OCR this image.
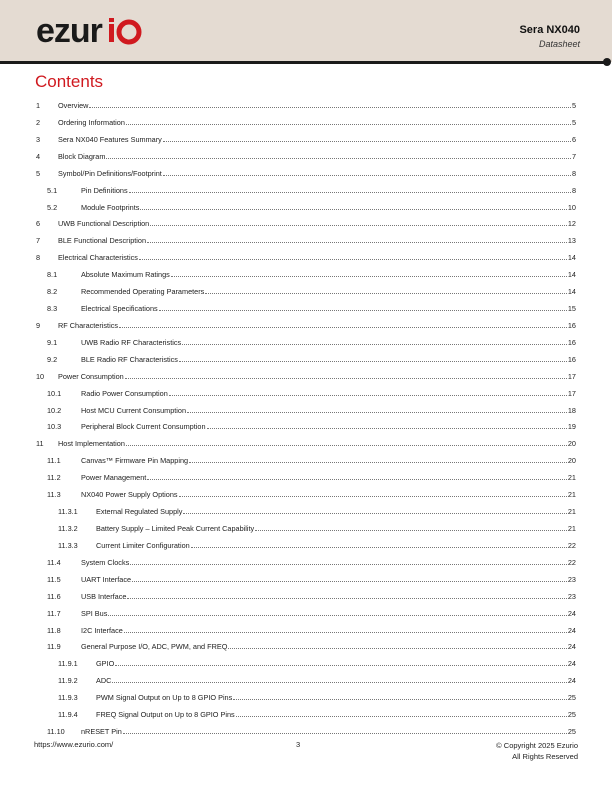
ezur	Sera NX040
Datasheet
Contents
1 Overview	5
2 Ordering Information	5
3 Sera NX040 Features Summary	6
4 Block Diagram	7
5 Symbol/Pin Definitions/Footprint	8
5.1	Pin Definitions	8
5.2	Module Footprints	10
6 UWB Functional Description	12
7 BLE Functional Description	13
8 Electrical Characteristics	14
8.1	Absolute Maximum Ratings	14
8.2	Recommended Operating Parameters	14
8.3	Electrical Specifications	15
9 RF Characteristics	16
9.1	UWB Radio RF Characteristics	16
9.2	BLE Radio RF Characteristics	16
10 Power Consumption	17
10.1	Radio Power Consumption	17
10.2	Host MCU Current Consumption	18
10.3	Peripheral Block Current Consumption	19
11 Host Implementation	20
11.1	Canvas™ Firmware Pin Mapping	20
11.2	Power Management	21
11.3	NX040 Power Supply Options	21
11.3.1	External Regulated Supply	21
11.3.2	Battery Supply – Limited Peak Current Capability	21
11.3.3	Current Limiter Configuration	22
11.4	System Clocks	22
11.5	UART Interface	23
11.6	USB Interface	23
11.7	SPI Bus	24
11.8	I2C Interface	24
11.9	General Purpose I/O, ADC, PWM, and FREQ	24
11.9.1	GPIO	24
11.9.2	ADC	24
11.9.3	PWM Signal Output on Up to 8 GPIO Pins	25
11.9.4	FREQ Signal Output on Up to 8 GPIO Pins	25
11.10 nRESET Pin	25
https://www.ezurio.com/	3	© Copyright 2025 Ezurio
All Rights Reserved
